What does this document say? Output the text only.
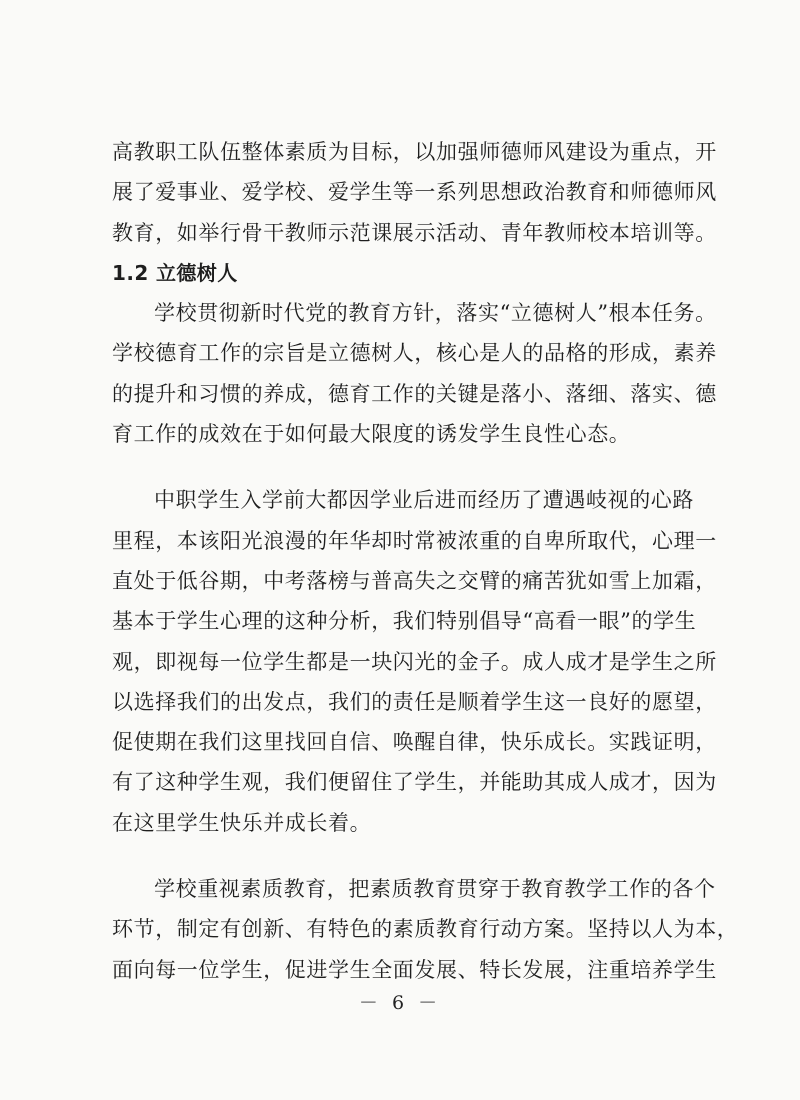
高教职工队伍整体素质为目标，以加强师德师风建设为重点，开
展了爱事业、爱学校、爱学生等一系列思想政治教育和师德师风
教育，如举行骨干教师示范课展示活动、青年教师校本培训等。
1.2 立德树人
学校贯彻新时代党的教育方针，落实“立德树人”根本任务。
学校德育工作的宗旨是立德树人，核心是人的品格的形成，素养
的提升和习惯的养成，德育工作的关键是落小、落细、落实、德
育工作的成效在于如何最大限度的诱发学生良性心态。
中职学生入学前大都因学业后进而经历了遭遇岐视的心路
里程，本该阳光浪漫的年华却时常被浓重的自卑所取代，心理一
直处于低谷期，中考落榜与普高失之交臂的痛苦犹如雪上加霜，
基本于学生心理的这种分析，我们特别倡导“高看一眼”的学生
观，即视每一位学生都是一块闪光的金子。成人成才是学生之所
以选择我们的出发点，我们的责任是顺着学生这一良好的愿望，
促使期在我们这里找回自信、唤醒自律，快乐成长。实践证明，
有了这种学生观，我们便留住了学生，并能助其成人成才，因为
在这里学生快乐并成长着。
学校重视素质教育，把素质教育贯穿于教育教学工作的各个
环节，制定有创新、有特色的素质教育行动方案。坚持以人为本，
面向每一位学生，促进学生全面发展、特长发展，注重培养学生
－ 6 －
